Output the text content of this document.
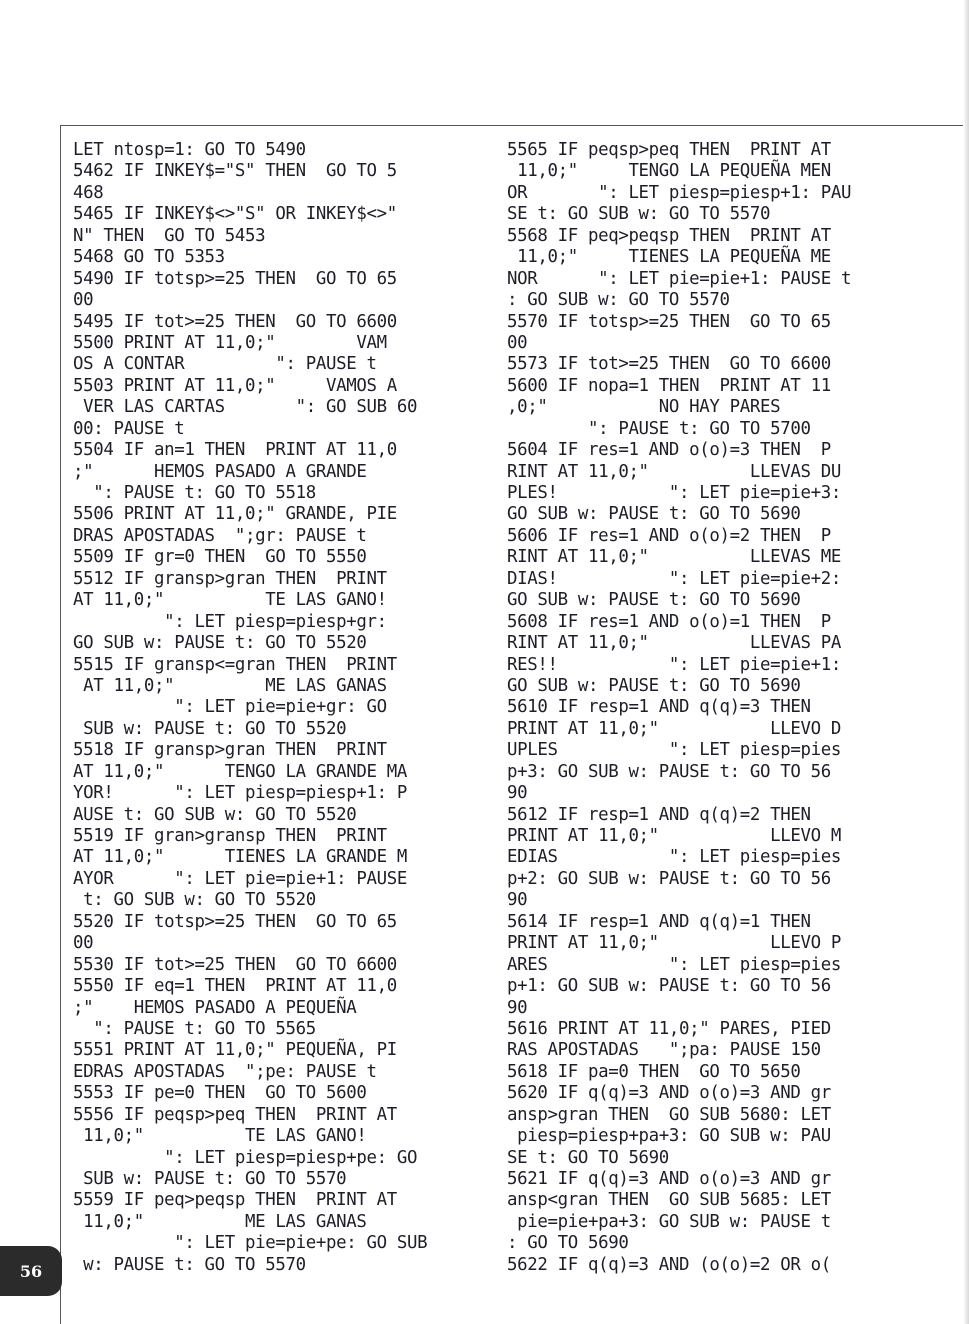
LET ntosp=1: GO TO 5490
5462 IF INKEY$="S" THEN  GO TO 5
468
5465 IF INKEY$<>"S" OR INKEY$<>"
N" THEN  GO TO 5453
5468 GO TO 5353
5490 IF totsp>=25 THEN  GO TO 65
00
5495 IF tot>=25 THEN  GO TO 6600
5500 PRINT AT 11,0;"        VAM
OS A CONTAR         ": PAUSE t
5503 PRINT AT 11,0;"     VAMOS A
VER LAS CARTAS       ": GO SUB 60
00: PAUSE t
5504 IF an=1 THEN  PRINT AT 11,0
;"      HEMOS PASADO A GRANDE
": PAUSE t: GO TO 5518
5506 PRINT AT 11,0;" GRANDE, PIE
DRAS APOSTADAS  ";gr: PAUSE t
5509 IF gr=0 THEN  GO TO 5550
5512 IF gransp>gran THEN  PRINT
AT 11,0;"          TE LAS GANO!
": LET piesp=piesp+gr:
GO SUB w: PAUSE t: GO TO 5520
5515 IF gransp<=gran THEN  PRINT
AT 11,0;"         ME LAS GANAS
": LET pie=pie+gr: GO
SUB w: PAUSE t: GO TO 5520
5518 IF gransp>gran THEN  PRINT
AT 11,0;"      TENGO LA GRANDE MA
YOR!      ": LET piesp=piesp+1: P
AUSE t: GO SUB w: GO TO 5520
5519 IF gran>gransp THEN  PRINT
AT 11,0;"      TIENES LA GRANDE M
AYOR      ": LET pie=pie+1: PAUSE
t: GO SUB w: GO TO 5520
5520 IF totsp>=25 THEN  GO TO 65
00
5530 IF tot>=25 THEN  GO TO 6600
5550 IF eq=1 THEN  PRINT AT 11,0
;"    HEMOS PASADO A PEQUEÑA
": PAUSE t: GO TO 5565
5551 PRINT AT 11,0;" PEQUEÑA, PI
EDRAS APOSTADAS  ";pe: PAUSE t
5553 IF pe=0 THEN  GO TO 5600
5556 IF peqsp>peq THEN  PRINT AT
11,0;"          TE LAS GANO!
": LET piesp=piesp+pe: GO
SUB w: PAUSE t: GO TO 5570
5559 IF peq>peqsp THEN  PRINT AT
11,0;"          ME LAS GANAS
": LET pie=pie+pe: GO SUB
w: PAUSE t: GO TO 5570
5565 IF peqsp>peq THEN  PRINT AT
11,0;"     TENGO LA PEQUEÑA MEN
OR       ": LET piesp=piesp+1: PAU
SE t: GO SUB w: GO TO 5570
5568 IF peq>peqsp THEN  PRINT AT
11,0;"     TIENES LA PEQUEÑA ME
NOR      ": LET pie=pie+1: PAUSE t
: GO SUB w: GO TO 5570
5570 IF totsp>=25 THEN  GO TO 65
00
5573 IF tot>=25 THEN  GO TO 6600
5600 IF nopa=1 THEN  PRINT AT 11
,0;"           NO HAY PARES
": PAUSE t: GO TO 5700
5604 IF res=1 AND o(o)=3 THEN  P
RINT AT 11,0;"          LLEVAS DU
PLES!           ": LET pie=pie+3:
GO SUB w: PAUSE t: GO TO 5690
5606 IF res=1 AND o(o)=2 THEN  P
RINT AT 11,0;"          LLEVAS ME
DIAS!           ": LET pie=pie+2:
GO SUB w: PAUSE t: GO TO 5690
5608 IF res=1 AND o(o)=1 THEN  P
RINT AT 11,0;"          LLEVAS PA
RES!!           ": LET pie=pie+1:
GO SUB w: PAUSE t: GO TO 5690
5610 IF resp=1 AND q(q)=3 THEN
PRINT AT 11,0;"           LLEVO D
UPLES           ": LET piesp=pies
p+3: GO SUB w: PAUSE t: GO TO 56
90
5612 IF resp=1 AND q(q)=2 THEN
PRINT AT 11,0;"           LLEVO M
EDIAS           ": LET piesp=pies
p+2: GO SUB w: PAUSE t: GO TO 56
90
5614 IF resp=1 AND q(q)=1 THEN
PRINT AT 11,0;"           LLEVO P
ARES            ": LET piesp=pies
p+1: GO SUB w: PAUSE t: GO TO 56
90
5616 PRINT AT 11,0;" PARES, PIED
RAS APOSTADAS   ";pa: PAUSE 150
5618 IF pa=0 THEN  GO TO 5650
5620 IF q(q)=3 AND o(o)=3 AND gr
ansp>gran THEN  GO SUB 5680: LET
piesp=piesp+pa+3: GO SUB w: PAU
SE t: GO TO 5690
5621 IF q(q)=3 AND o(o)=3 AND gr
ansp<gran THEN  GO SUB 5685: LET
pie=pie+pa+3: GO SUB w: PAUSE t
: GO TO 5690
5622 IF q(q)=3 AND (o(o)=2 OR o(
56
